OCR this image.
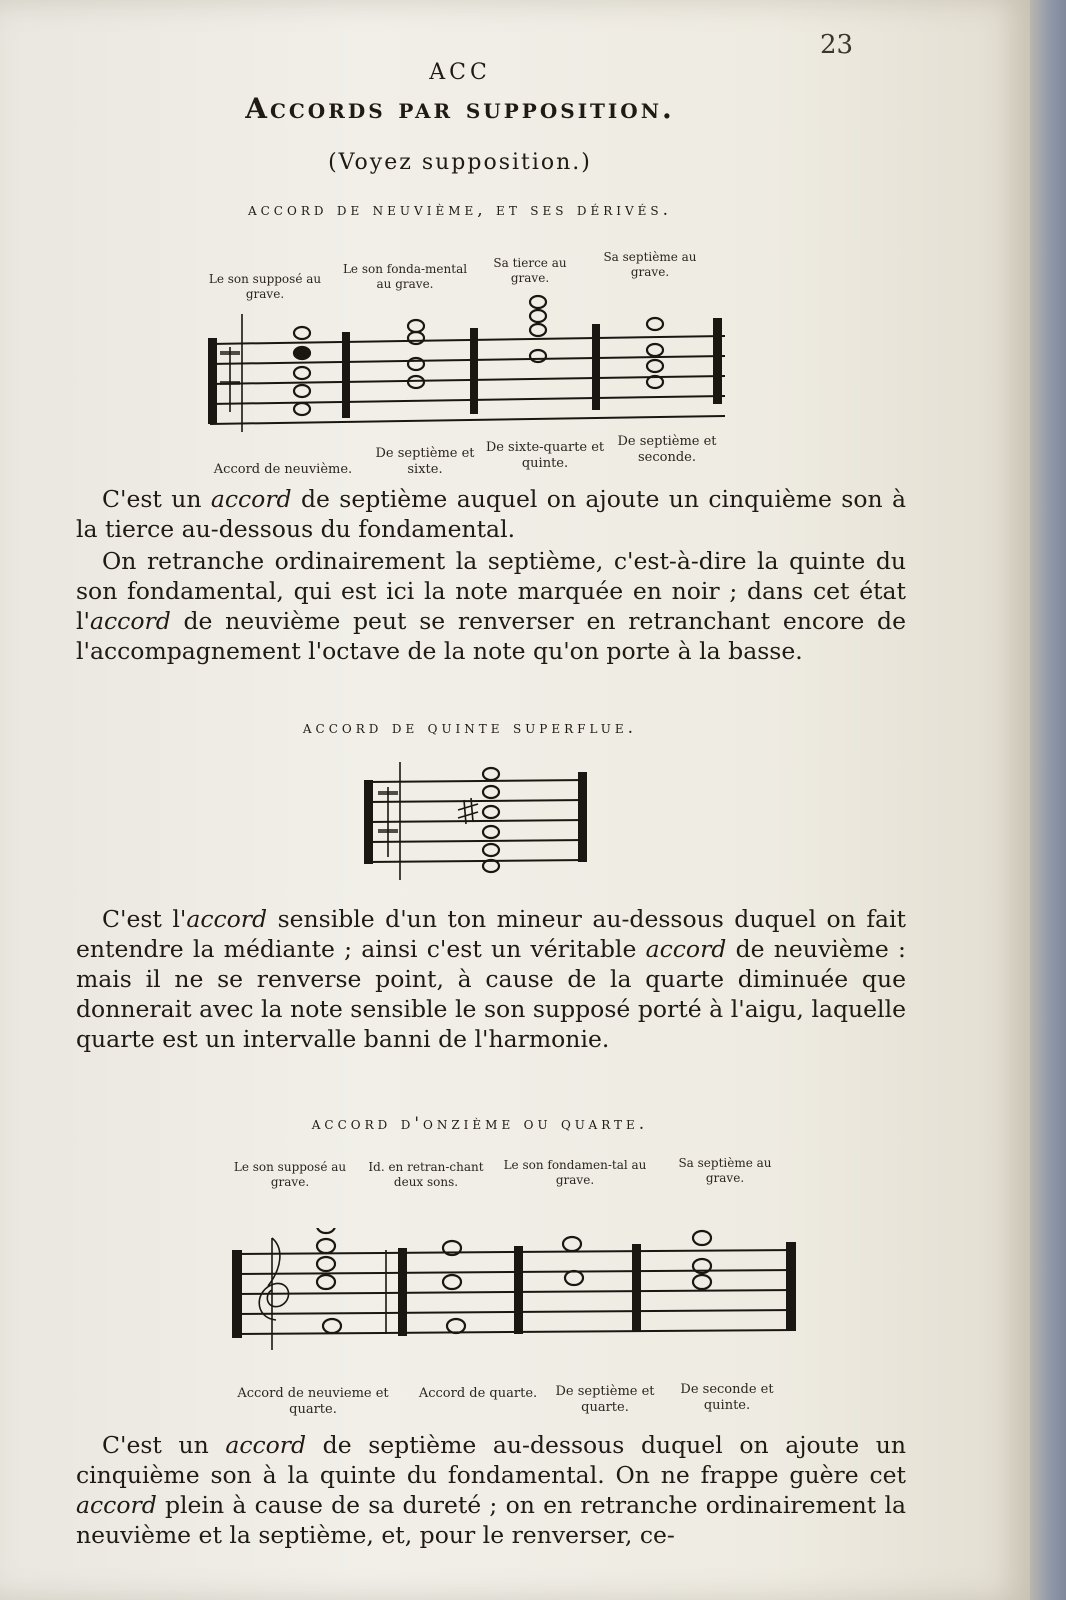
23
ACC
Accords par supposition.
(Voyez supposition.)
accord de neuvième, et ses dérivés.
Le son supposé au grave.
Le son fonda-mental au grave.
Sa tierce au grave.
Sa septième au grave.
Accord de neuvième.
De septième et sixte.
De sixte-quarte et quinte.
De septième et seconde.

C'est un accord de septième auquel on ajoute un cinquième son à la tierce au-dessous du fondamental.

On retranche ordinairement la septième, c'est-à-dire la quinte du son fondamental, qui est ici la note marquée en noir ; dans cet état l'accord de neuvième peut se renverser en retranchant encore de l'accompagnement l'octave de la note qu'on porte à la basse.

accord de quinte superflue.

C'est l'accord sensible d'un ton mineur au-dessous duquel on fait entendre la médiante ; ainsi c'est un véritable accord de neuvième : mais il ne se renverse point, à cause de la quarte diminuée que donnerait avec la note sensible le son supposé porté à l'aigu, laquelle quarte est un intervalle banni de l'harmonie.

accord d'onzième ou quarte.
Le son supposé au grave.
Id. en retran-chant deux sons.
Le son fondamen-tal au grave.
Sa septième au grave.
Accord de neuvieme et quarte.
Accord de quarte.	De septième et quarte.
De seconde et quinte.

C'est un accord de septième au-dessous duquel on ajoute un cinquième son à la quinte du fondamental. On ne frappe guère cet accord plein à cause de sa dureté ; on en retranche ordinairement la neuvième et la septième, et, pour le renverser, ce-
